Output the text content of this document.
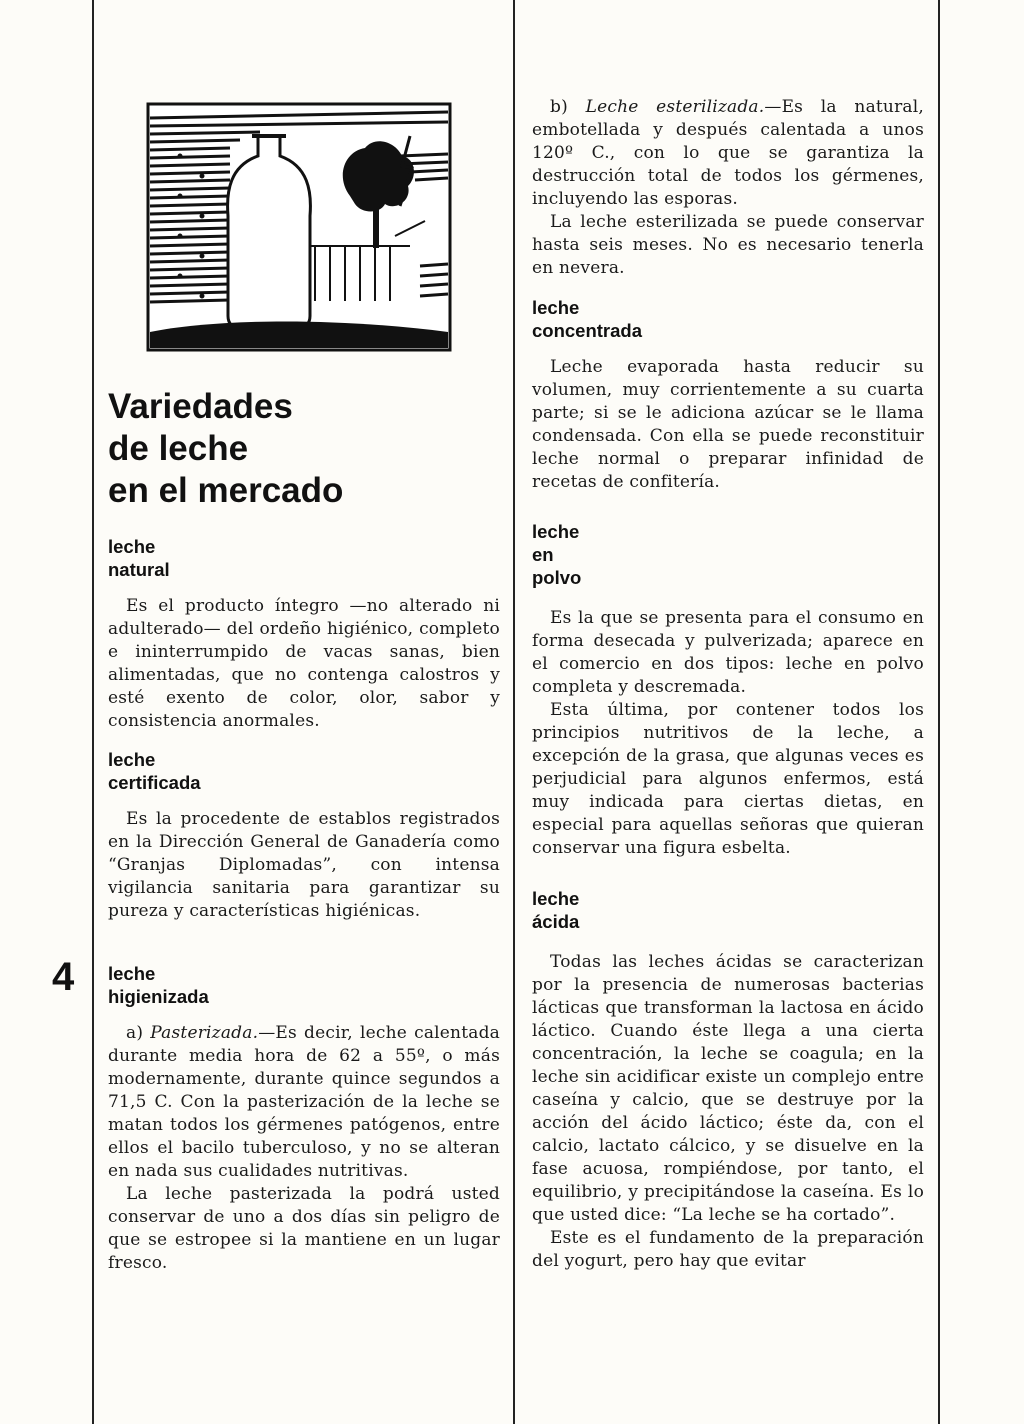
4
Variedades
de leche
en el mercado
leche
natural

Es el producto íntegro —no alterado ni adulterado— del ordeño higiénico, completo e ininterrumpido de vacas sanas, bien alimentadas, que no contenga calostros y esté exento de color, olor, sabor y consistencia anormales.

leche
certificada

Es la procedente de establos registrados en la Dirección General de Ganadería como “Granjas Diplomadas”, con intensa vigilancia sanitaria para garantizar su pureza y características higiénicas.

leche
higienizada

a) Pasterizada.—Es decir, leche calentada durante media hora de 62 a 55º, o más modernamente, durante quince segundos a 71,5 C. Con la pasterización de la leche se matan todos los gérmenes patógenos, entre ellos el bacilo tuberculoso, y no se alteran en nada sus cualidades nutritivas.

La leche pasterizada la podrá usted conservar de uno a dos días sin peligro de que se estropee si la mantiene en un lugar fresco.

b) Leche esterilizada.—Es la natural, embotellada y después calentada a unos 120º C., con lo que se garantiza la destrucción total de todos los gérmenes, incluyendo las esporas.

La leche esterilizada se puede conservar hasta seis meses. No es necesario tenerla en nevera.

leche
concentrada

Leche evaporada hasta reducir su volumen, muy corrientemente a su cuarta parte; si se le adiciona azúcar se le llama condensada. Con ella se puede reconstituir leche normal o preparar infinidad de recetas de confitería.

leche
en
polvo

Es la que se presenta para el consumo en forma desecada y pulverizada; aparece en el comercio en dos tipos: leche en polvo completa y descremada.

Esta última, por contener todos los principios nutritivos de la leche, a excepción de la grasa, que algunas veces es perjudicial para algunos enfermos, está muy indicada para ciertas dietas, en especial para aquellas señoras que quieran conservar una figura esbelta.

leche
ácida

Todas las leches ácidas se caracterizan por la presencia de numerosas bacterias lácticas que transforman la lactosa en ácido láctico. Cuando éste llega a una cierta concentración, la leche se coagula; en la leche sin acidificar existe un complejo entre caseína y calcio, que se destruye por la acción del ácido láctico; éste da, con el calcio, lactato cálcico, y se disuelve en la fase acuosa, rompiéndose, por tanto, el equilibrio, y precipitándose la caseína. Es lo que usted dice: “La leche se ha cortado”.

Este es el fundamento de la preparación del yogurt, pero hay que evitar
